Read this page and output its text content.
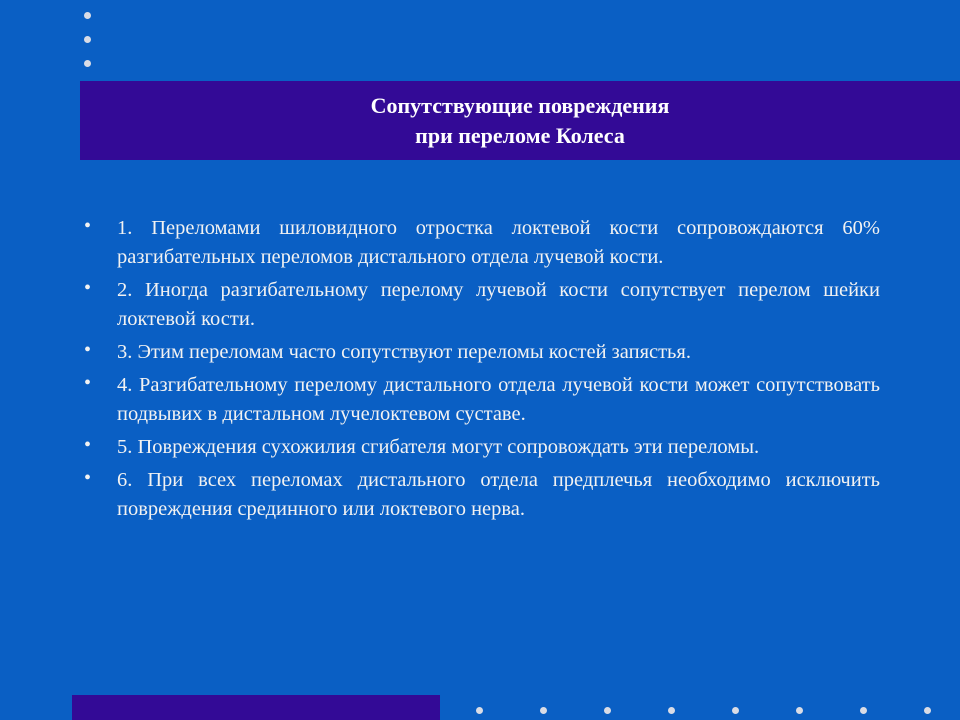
Сопутствующие повреждения
при переломе Колеса
• 1. Переломами шиловидного отростка локтевой кости сопровождаются 60% разгибательных переломов дистального отдела лучевой кости.
• 2. Иногда разгибательному перелому лучевой кости сопутствует перелом шейки локтевой кости.
• 3. Этим переломам часто сопутствуют переломы костей запястья.
• 4. Разгибательному перелому дистального отдела лучевой кости может сопутствовать подвывих в дистальном лучелоктевом суставе.
• 5. Повреждения сухожилия сгибателя могут сопровождать эти переломы.
• 6. При всех переломах дистального отдела предплечья необходимо исключить повреждения срединного или локтевого нерва.
